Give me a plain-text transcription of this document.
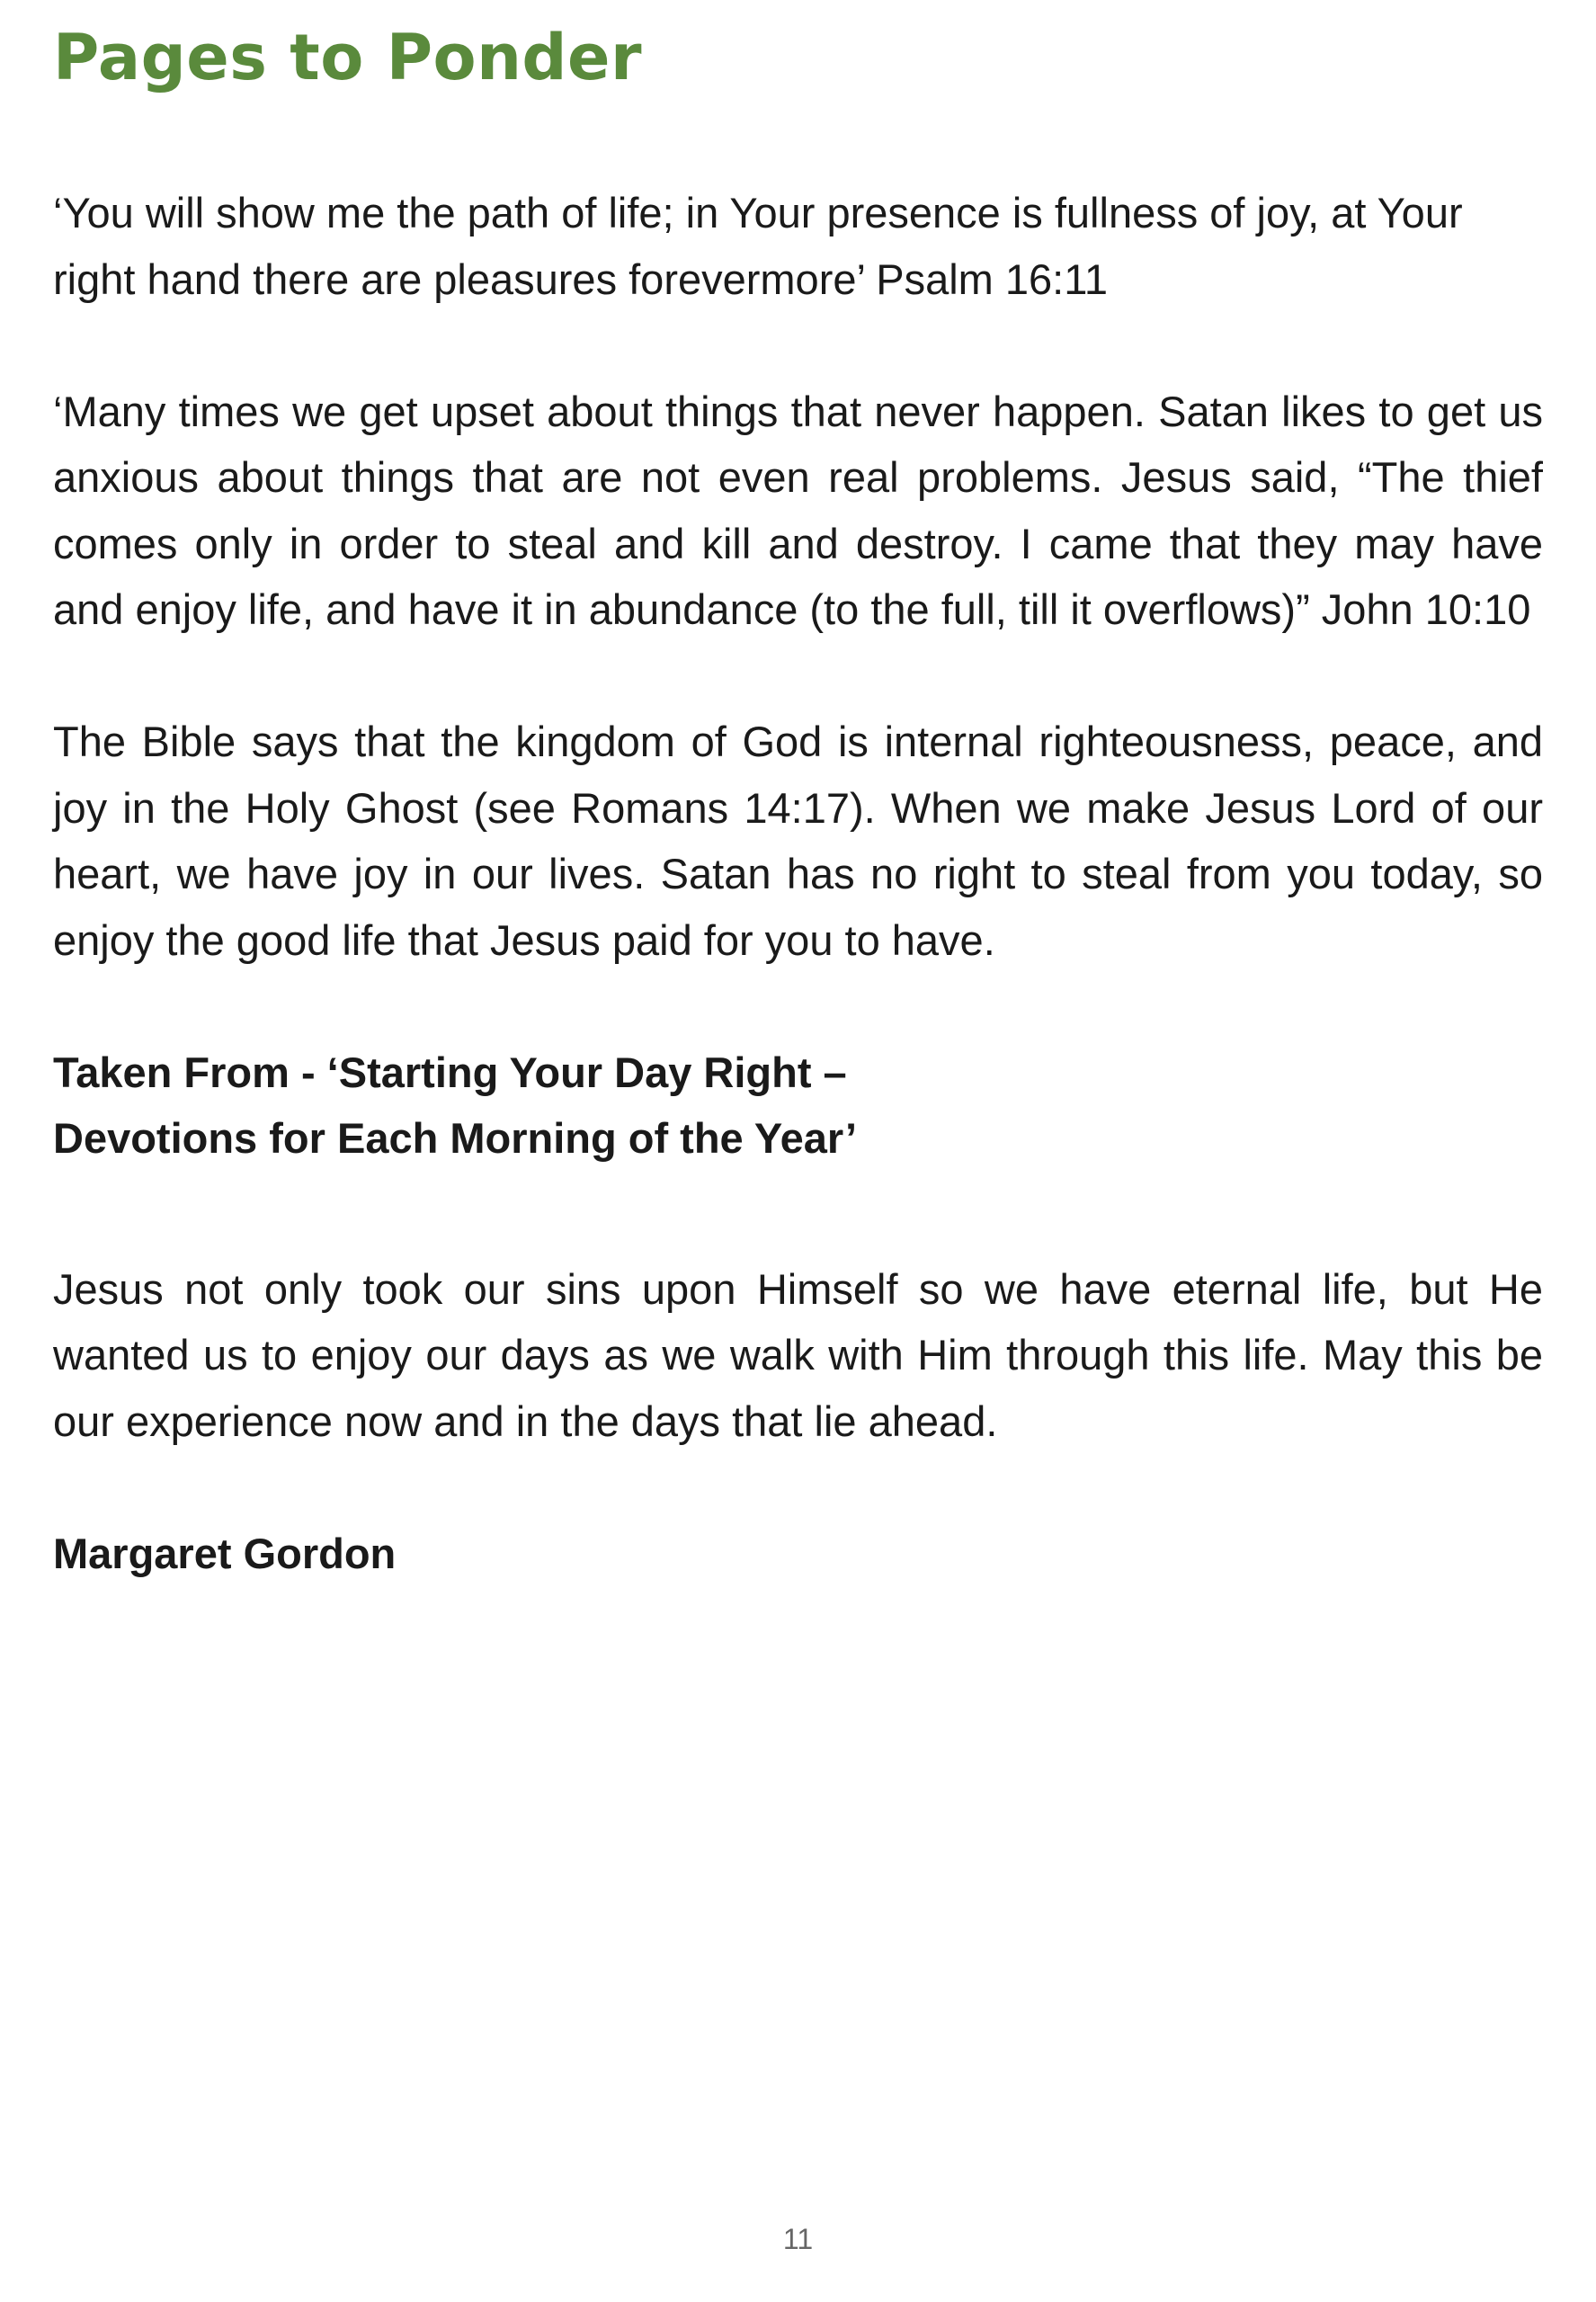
Pages to Ponder

‘You will show me the path of life; in Your presence is fullness of joy, at Your right hand there are pleasures forevermore’ Psalm 16:11

‘Many times we get upset about things that never happen. Satan likes to get us anxious about things that are not even real problems. Jesus said, “The thief comes only in order to steal and kill and destroy. I came that they may have and enjoy life, and have it in abundance (to the full, till it overflows)” John 10:10

The Bible says that the kingdom of God is internal righteousness, peace, and joy in the Holy Ghost (see Romans 14:17). When we make Jesus Lord of our heart, we have joy in our lives. Satan has no right to steal from you today, so enjoy the good life that Jesus paid for you to have.

Taken From - ‘Starting Your Day Right –

Devotions for Each Morning of the Year’

Jesus not only took our sins upon Himself so we have eternal life, but He wanted us to enjoy our days as we walk with Him through this life. May this be our experience now and in the days that lie ahead.

Margaret Gordon

11
